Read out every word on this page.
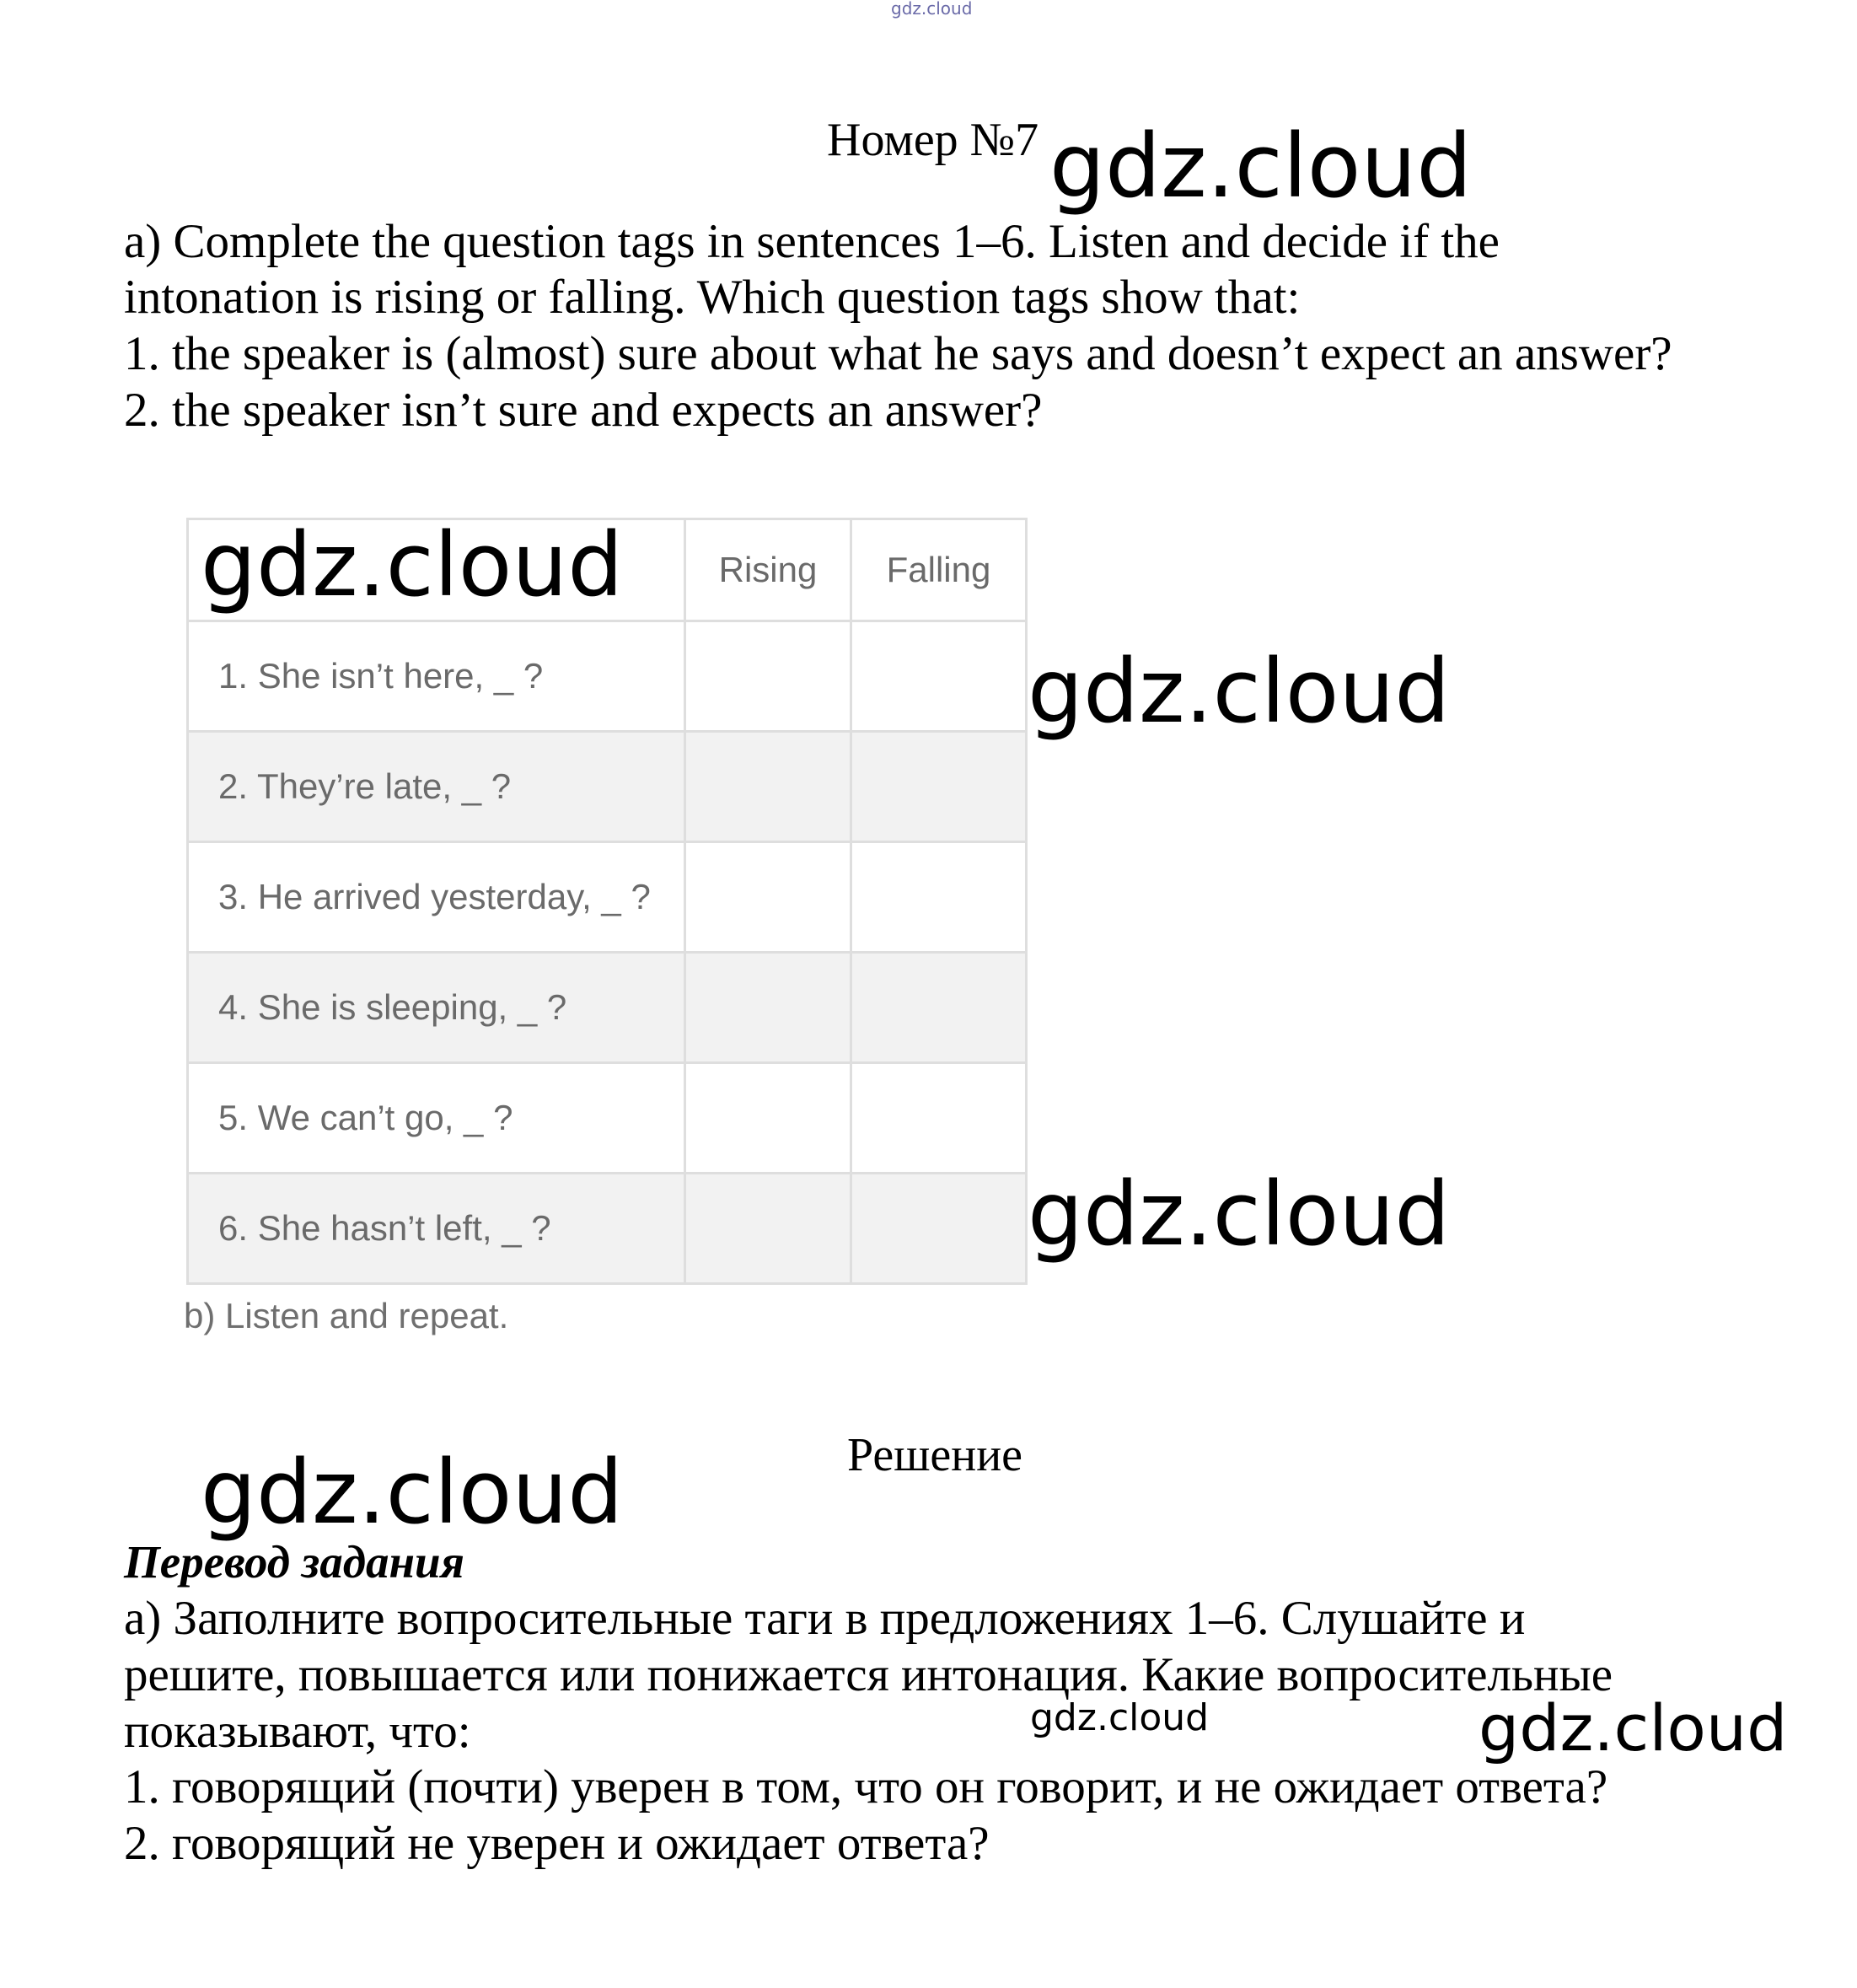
gdz.cloud
Номер №7 gdz.cloud
a) Complete the question tags in sentences 1–6. Listen and decide if the
intonation is rising or falling. Which question tags show that:
1. the speaker is (almost) sure about what he says and doesn’t expect an answer?
2. the speaker isn’t sure and expects an answer?
	Rising	Falling
1. She isn’t here, _ ?		
2. They’re late, _ ?		
3. He arrived yesterday, _ ?		
4. She is sleeping, _ ?		
5. We can’t go, _ ?		
6. She hasn’t left, _ ?		
gdz.cloud
gdz.cloud
gdz.cloud
b) Listen and repeat.
Решение
gdz.cloud
Перевод задания
а) Заполните вопросительные таги в предложениях 1–6. Слушайте и
решите, повышается или понижается интонация. Какие вопросительные
показывают, что:
1. говорящий (почти) уверен в том, что он говорит, и не ожидает ответа?
2. говорящий не уверен и ожидает ответа?
gdz.cloud	gdz.cloud
